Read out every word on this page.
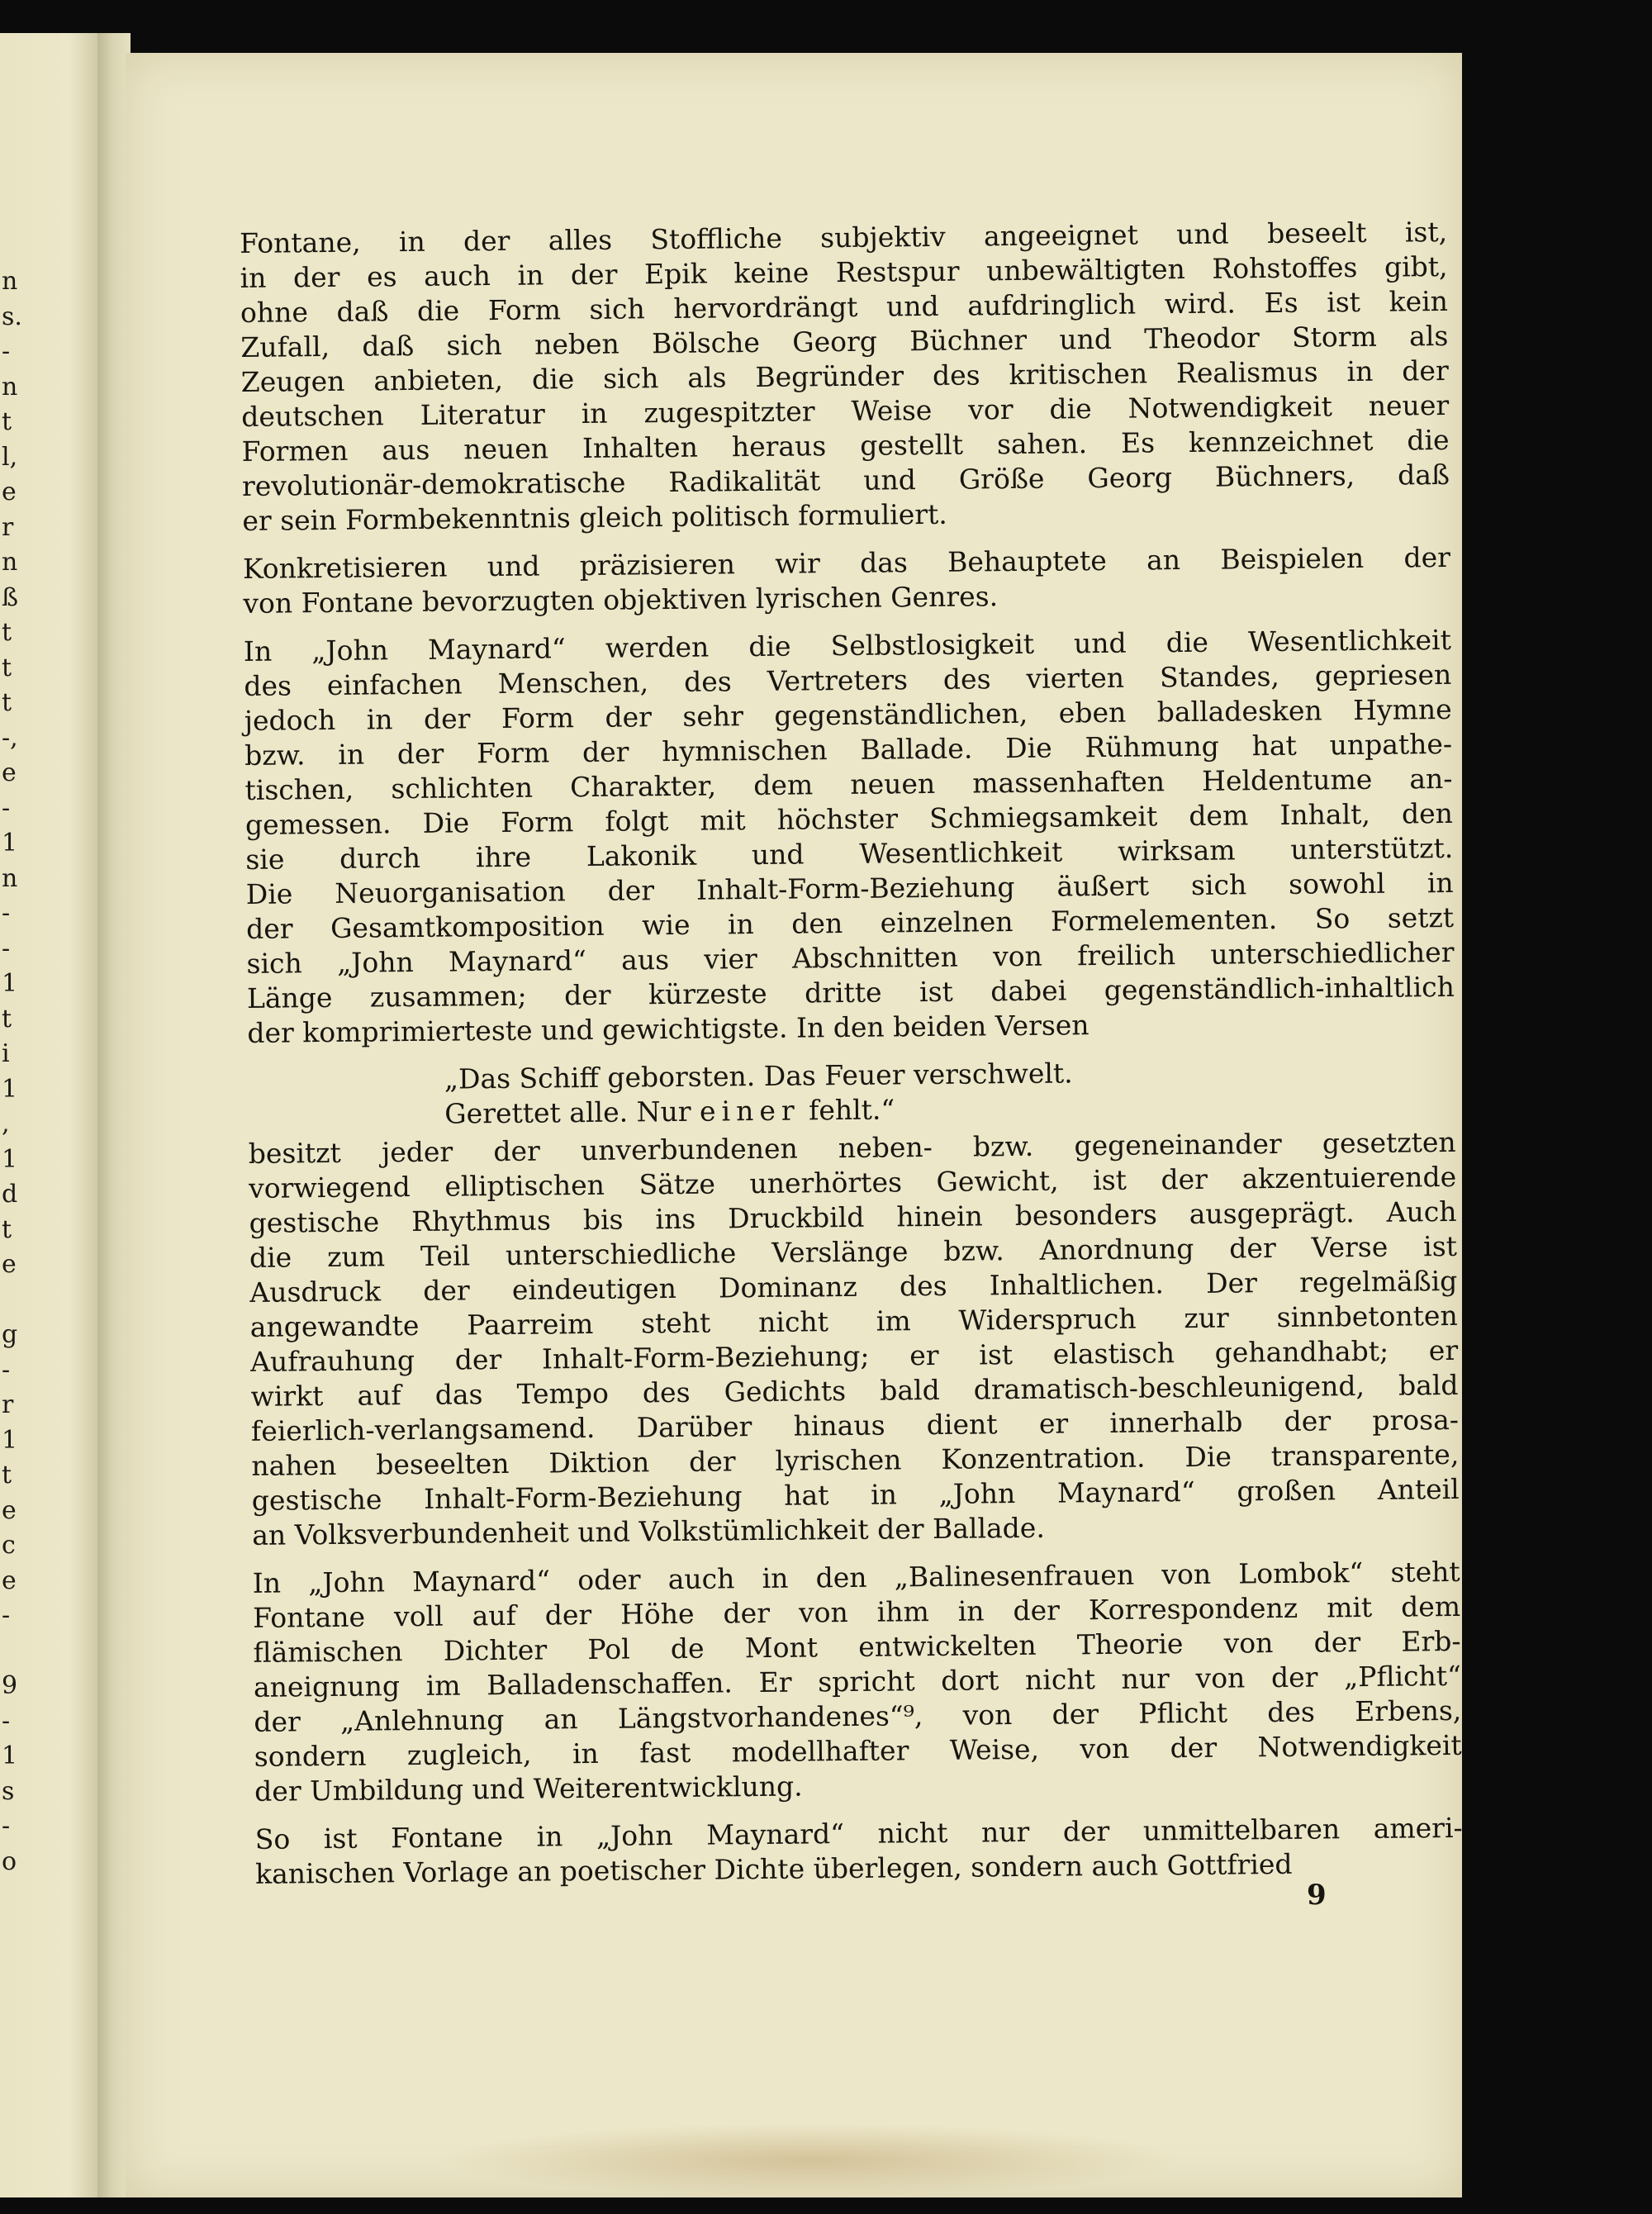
n
s.
-
n
t
l,
e
r
n
ß
t
t
t
-,
e
-
1
n
-
-
1
t
i
1
,
1
d
t
e
g
-
r
1
t
e
c
e
-
9
-
1
s
-
o
Fontane, in der alles Stoffliche subjektiv angeeignet und beseelt ist,
in der es auch in der Epik keine Restspur unbewältigten Rohstoffes gibt,
ohne daß die Form sich hervordrängt und aufdringlich wird. Es ist kein
Zufall, daß sich neben Bölsche Georg Büchner und Theodor Storm als
Zeugen anbieten, die sich als Begründer des kritischen Realismus in der
deutschen Literatur in zugespitzter Weise vor die Notwendigkeit neuer
Formen aus neuen Inhalten heraus gestellt sahen. Es kennzeichnet die
revolutionär-demokratische Radikalität und Größe Georg Büchners, daß
er sein Formbekenntnis gleich politisch formuliert.
Konkretisieren und präzisieren wir das Behauptete an Beispielen der
von Fontane bevorzugten objektiven lyrischen Genres.
In „John Maynard“ werden die Selbstlosigkeit und die Wesentlichkeit
des einfachen Menschen, des Vertreters des vierten Standes, gepriesen
jedoch in der Form der sehr gegenständlichen, eben balladesken Hymne
bzw. in der Form der hymnischen Ballade. Die Rühmung hat unpathe-
tischen, schlichten Charakter, dem neuen massenhaften Heldentume an-
gemessen. Die Form folgt mit höchster Schmiegsamkeit dem Inhalt, den
sie durch ihre Lakonik und Wesentlichkeit wirksam unterstützt.
Die Neuorganisation der Inhalt-Form-Beziehung äußert sich sowohl in
der Gesamtkomposition wie in den einzelnen Formelementen. So setzt
sich „John Maynard“ aus vier Abschnitten von freilich unterschiedlicher
Länge zusammen; der kürzeste dritte ist dabei gegenständlich-inhaltlich
der komprimierteste und gewichtigste. In den beiden Versen
„Das Schiff geborsten. Das Feuer verschwelt.
Gerettet alle. Nur einer fehlt.“
besitzt jeder der unverbundenen neben- bzw. gegeneinander gesetzten
vorwiegend elliptischen Sätze unerhörtes Gewicht, ist der akzentuierende
gestische Rhythmus bis ins Druckbild hinein besonders ausgeprägt. Auch
die zum Teil unterschiedliche Verslänge bzw. Anordnung der Verse ist
Ausdruck der eindeutigen Dominanz des Inhaltlichen. Der regelmäßig
angewandte Paarreim steht nicht im Widerspruch zur sinnbetonten
Aufrauhung der Inhalt-Form-Beziehung; er ist elastisch gehandhabt; er
wirkt auf das Tempo des Gedichts bald dramatisch-beschleunigend, bald
feierlich-verlangsamend. Darüber hinaus dient er innerhalb der prosa-
nahen beseelten Diktion der lyrischen Konzentration. Die transparente,
gestische Inhalt-Form-Beziehung hat in „John Maynard“ großen Anteil
an Volksverbundenheit und Volkstümlichkeit der Ballade.
In „John Maynard“ oder auch in den „Balinesenfrauen von Lombok“ steht
Fontane voll auf der Höhe der von ihm in der Korrespondenz mit dem
flämischen Dichter Pol de Mont entwickelten Theorie von der Erb-
aneignung im Balladenschaffen. Er spricht dort nicht nur von der „Pflicht“
der „Anlehnung an Längstvorhandenes“⁹, von der Pflicht des Erbens,
sondern zugleich, in fast modellhafter Weise, von der Notwendigkeit
der Umbildung und Weiterentwicklung.
So ist Fontane in „John Maynard“ nicht nur der unmittelbaren ameri-
kanischen Vorlage an poetischer Dichte überlegen, sondern auch Gottfried
9
